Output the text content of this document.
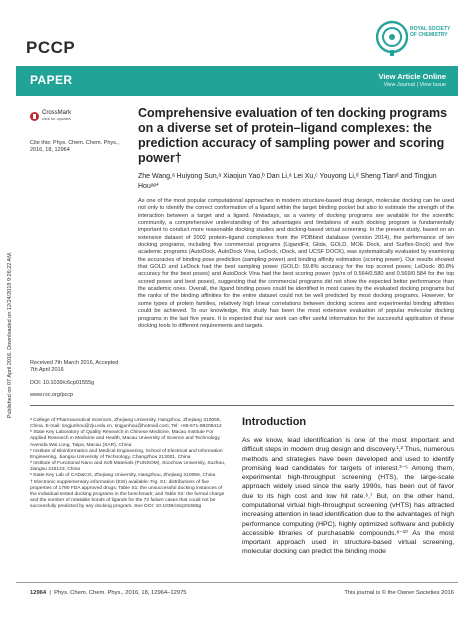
PCCP
ROYAL SOCIETY OF CHEMISTRY
PAPER	View Article Online
View Journal | View Issue
Published on 07 April 2016. Downloaded on 12/24/2019 9:26:22 AM.
CrossMark
click for updates
Cite this: Phys. Chem. Chem. Phys., 2016, 18, 12964
Comprehensive evaluation of ten docking programs on a diverse set of protein–ligand complexes: the prediction accuracy of sampling power and scoring power†
Zhe Wang,ᵃ Huiyong Sun,ᵃ Xiaojun Yao,ᵇ Dan Li,ᵃ Lei Xu,ᶜ Youyong Li,ᵈ Sheng Tianᵈ and Tingjun Houᵃᵉ*
As one of the most popular computational approaches in modern structure-based drug design, molecular docking can be used not only to identify the correct conformation of a ligand within the target binding pocket but also to estimate the strength of the interaction between a target and a ligand. Nowadays, as a variety of docking programs are available for the scientific community, a comprehensive understanding of the advantages and limitations of each docking program is fundamentally important to conduct more reasonable docking studies and docking-based virtual screening. In the present study, based on an extensive dataset of 2002 protein–ligand complexes from the PDBbind database (version 2014), the performance of ten docking programs, including five commercial programs (LigandFit, Glide, GOLD, MOE Dock, and Surflex-Dock) and five academic programs (AutoDock, AutoDock Vina, LeDock, rDock, and UCSF DOCK), was systematically evaluated by examining the accuracies of binding pose prediction (sampling power) and binding affinity estimation (scoring power). Our results showed that GOLD and LeDock had the best sampling power (GOLD: 59.8% accuracy for the top scored poses; LeDock: 80.8% accuracy for the best poses) and AutoDock Vina had the best scoring power (rp/rs of 0.564/0.580 and 0.569/0.584 for the top scored poses and best poses), suggesting that the commercial programs did not show the expected better performance than the academic ones. Overall, the ligand binding poses could be identified in most cases by the evaluated docking programs but the ranks of the binding affinities for the entire dataset could not be well predicted by most docking programs. However, for some types of protein families, relatively high linear correlations between docking scores and experimental binding affinities could be achieved. To our knowledge, this study has been the most extensive evaluation of popular molecular docking programs in the last five years. It is expected that our work can offer useful information for the successful application of these docking tools to different requirements and targets.
Received 7th March 2016, Accepted 7th April 2016
DOI: 10.1039/c6cp01555g
www.rsc.org/pccp

ᵃ College of Pharmaceutical Sciences, Zhejiang University, Hangzhou, Zhejiang 310058, China. E-mail: tingjunhou@zju.edu.cn, tingjunhou@hotmail.com; Tel: +86-571-88208412

ᵇ State Key Laboratory of Quality Research in Chinese Medicine, Macau Institute For Applied Research in Medicine and Health, Macau University of Science and Technology, Avenida Wai Long, Taipa, Macau (SAR), China

ᶜ Institute of Bioinformatics and Medical Engineering, School of Electrical and Information Engineering, Jiangsu University of Technology, Changzhou 213001, China

ᵈ Institute of Functional Nano and Soft Materials (FUNSOM), Soochow University, Suzhou, Jiangsu 215123, China

ᵉ State Key Lab of CAD&CG, Zhejiang University, Hangzhou, Zhejiang 310058, China

† Electronic supplementary information (ESI) available: Fig. S1: distributions of five properties of 1790 FDA approved drugs; Table S1: the unsuccessful docking instances of the individual tested docking programs in the benchmark; and Table S2: the formal charge and the number of rotatable bonds of ligands for the 72 failure cases that could not be successfully predicted by any docking program. See DOI: 10.1039/c6cp01555g

Introduction
As we know, lead identification is one of the most important and difficult steps in modern drug design and discovery.¹,² Thus, numerous methods and strategies have been developed and used to identify promising lead candidates for targets of interest.³⁻⁵ Among them, experimental high-throughput screening (HTS), the large-scale approach widely used since the early 1990s, has been out of favor due to its high cost and low hit rate.⁶,⁷ But, on the other hand, computational virtual high-throughput screening (vHTS) has attracted increasing attention in lead identification due to the advantages of high performance computing (HPC), highly optimized software and publicly accessible libraries of purchasable compounds.⁸⁻¹⁰ As the most important approach used in structure-based virtual screening, molecular docking can predict the binding mode
12964  |  Phys. Chem. Chem. Phys., 2016, 18, 12964–12975	This journal is © the Owner Societies 2016
